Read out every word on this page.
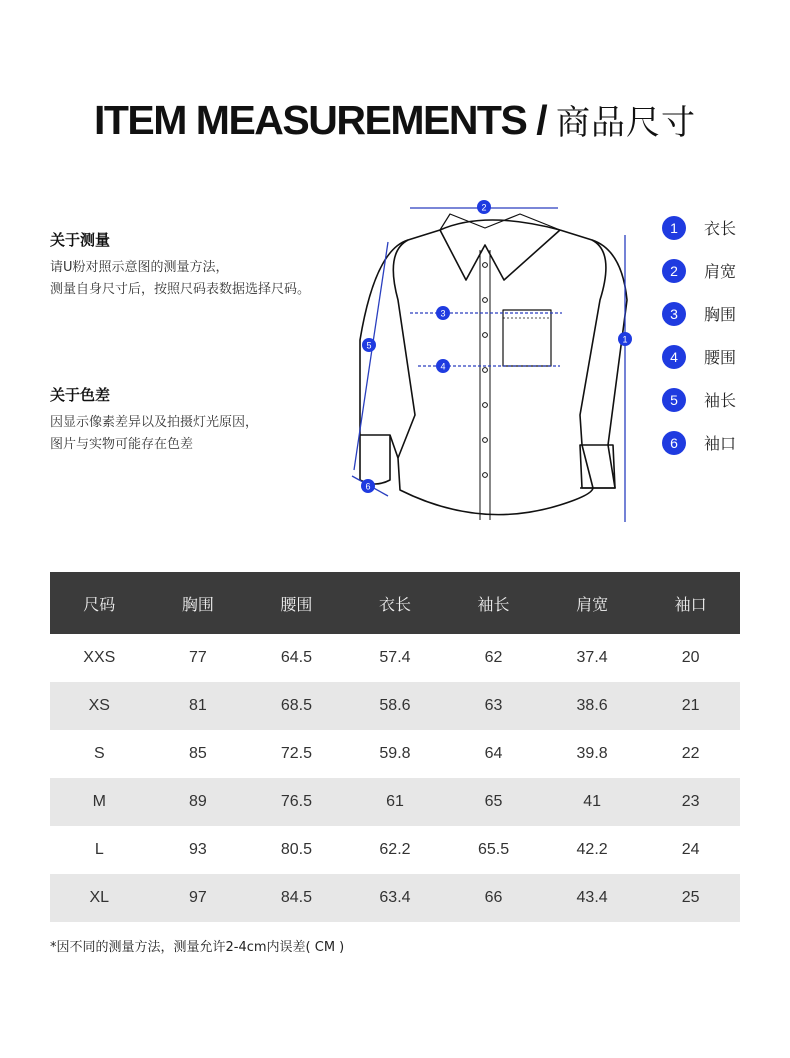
ITEM MEASUREMENTS / 商品尺寸
关于测量

请U粉对照示意图的测量方法，
测量自身尺寸后，按照尺码表数据选择尺码。

关于色差

因显示像素差异以及拍摄灯光原因，
图片与实物可能存在色差

2
1
3
4
5
6
1	衣长
2	肩宽
3	胸围
4	腰围
5	袖长
6	袖口
尺码	胸围	腰围	衣长	袖长	肩宽	袖口
XXS	77	64.5	57.4	62	37.4	20
XS	81	68.5	58.6	63	38.6	21
S	85	72.5	59.8	64	39.8	22
M	89	76.5	61	65	41	23
L	93	80.5	62.2	65.5	42.2	24
XL	97	84.5	63.4	66	43.4	25
*因不同的测量方法，测量允许2-4cm内误差( CM )
